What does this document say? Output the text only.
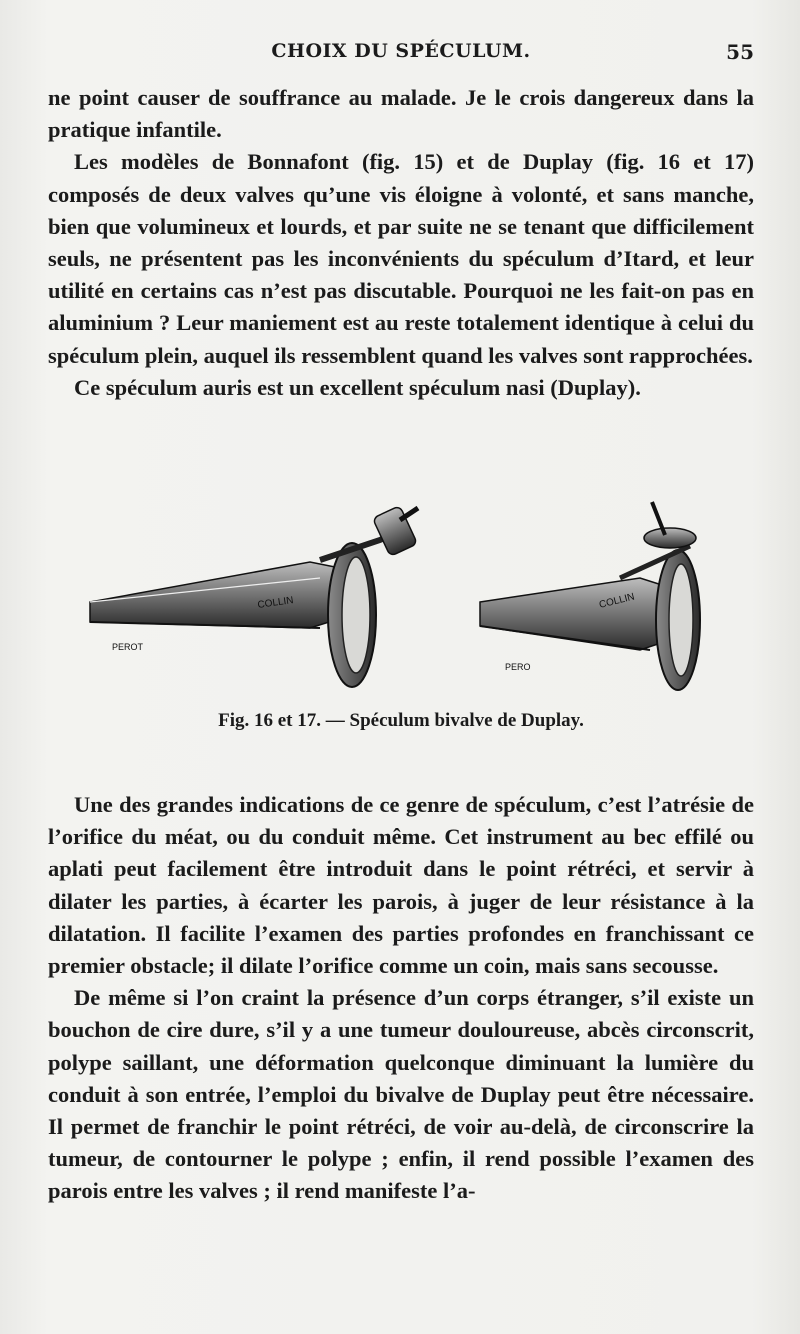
CHOIX DU SPÉCULUM.	55

ne point causer de souffrance au malade. Je le crois dangereux dans la pratique infantile.

Les modèles de Bonnafont (fig. 15) et de Duplay (fig. 16 et 17) composés de deux valves qu’une vis éloigne à volonté, et sans manche, bien que volumineux et lourds, et par suite ne se tenant que difficilement seuls, ne présentent pas les inconvénients du spéculum d’Itard, et leur utilité en certains cas n’est pas discutable. Pourquoi ne les fait-on pas en aluminium ? Leur maniement est au reste totalement identique à celui du spéculum plein, auquel ils ressemblent quand les valves sont rapprochées.

Ce spéculum auris est un excellent spéculum nasi (Duplay).

COLLIN
PEROT
COLLIN
PERO
Fig. 16 et 17. — Spéculum bivalve de Duplay.

Une des grandes indications de ce genre de spéculum, c’est l’atrésie de l’orifice du méat, ou du conduit même. Cet instrument au bec effilé ou aplati peut facilement être introduit dans le point rétréci, et servir à dilater les parties, à écarter les parois, à juger de leur résistance à la dilatation. Il facilite l’examen des parties profondes en franchissant ce premier obstacle; il dilate l’orifice comme un coin, mais sans secousse.

De même si l’on craint la présence d’un corps étranger, s’il existe un bouchon de cire dure, s’il y a une tumeur douloureuse, abcès circonscrit, polype saillant, une déformation quelconque diminuant la lumière du conduit à son entrée, l’emploi du bivalve de Duplay peut être nécessaire. Il permet de franchir le point rétréci, de voir au-delà, de circonscrire la tumeur, de contourner le polype ; enfin, il rend possible l’examen des parois entre les valves ; il rend manifeste l’a-
